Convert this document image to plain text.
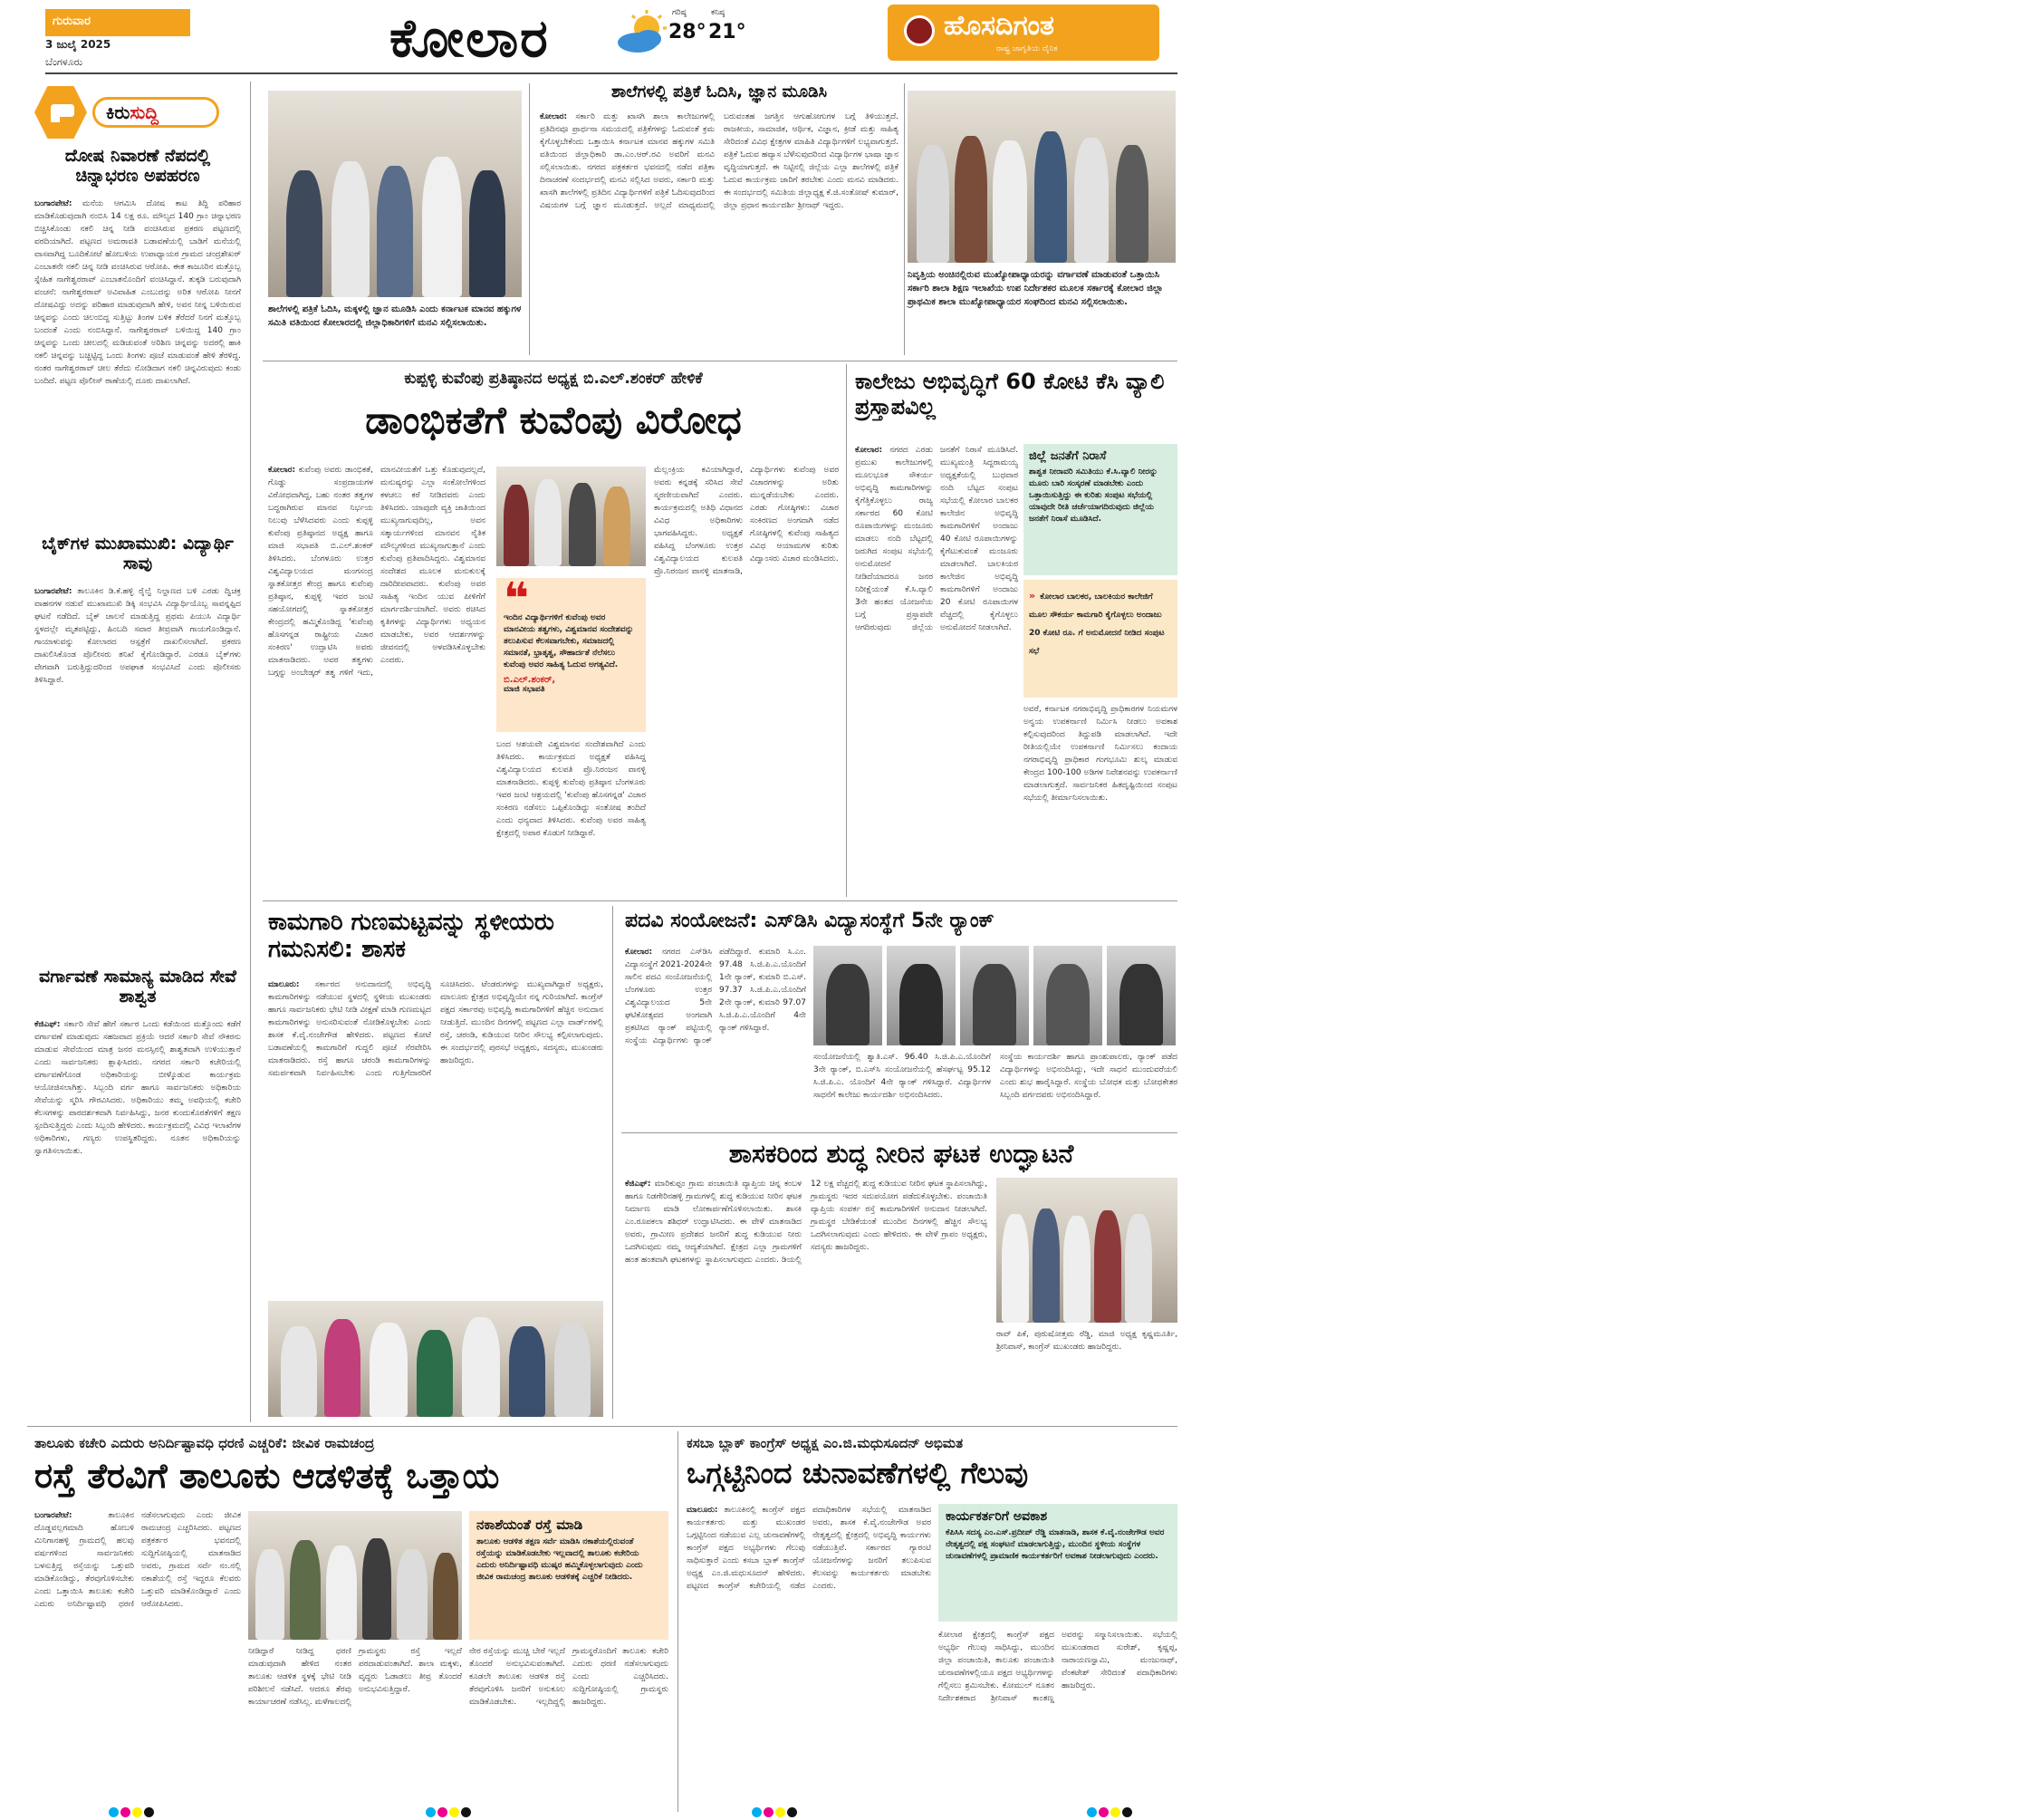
ಗುರುವಾರ
3 ಜುಲೈ 2025
ಬೆಂಗಳೂರು	ಕೋಲಾರ	ಗರಿಷ್ಠ
28°
ಕನಿಷ್ಠ
21°	ಹೊಸದಿಗಂತ
ರಾಷ್ಟ್ರ ಜಾಗೃತಿಯ ದೈನಿಕ	೦೩
ಕಿರುಸುದ್ದಿ
ದೋಷ ನಿವಾರಣೆ ನೆಪದಲ್ಲಿ ಚಿನ್ನಾಭರಣ ಅಪಹರಣ
ಬಂಗಾರಪೇಟೆ: ಮನೆಯ ಆಗಮಿಸಿ ದೋಷ ಕಾಟ ತಿದ್ದಿ ಪರಿಹಾರ ಮಾಡಿಕೊಡುವುದಾಗಿ ನಂಬಿಸಿ 14 ಲಕ್ಷ ರೂ. ಮೌಲ್ಯದ 140 ಗ್ರಾಂ ಚಿನ್ನಾಭರಣ ಬಿಚ್ಚಿಸಿಕೊಂಡು ನಕಲಿ ಚಿನ್ನ ನೀಡಿ ವಂಚಿಸಿರುವ ಪ್ರಕರಣ ಪಟ್ಟಣದಲ್ಲಿ ವರದಿಯಾಗಿದೆ. ಪಟ್ಟಣದ ಅಮರಾವತಿ ಬಡಾವಣೆಯಲ್ಲಿ ಬಾಡಿಗೆ ಮನೆಯಲ್ಲಿ ವಾಸವಾಗಿದ್ದ ಬೂದಿಕೋಟೆ ಹೋಬಳಿಯ ಉಪಾಧ್ಯಾಯರ ಗ್ರಾಮದ ಚಂದ್ರಶೇಖರ್ ಎಂಬಾತನೇ ನಕಲಿ ಚಿನ್ನ ನೀಡಿ ವಂಚಿಸಿರುವ ಆರೋಪಿ. ಈತ ಕಾಜೂರಿನ ಮತ್ತೊಬ್ಬ ಸ್ನೇಹಿತ ನಾಗೇಶ್ವರರಾವ್ ಎಂಬಾತನೊಂದಿಗೆ ವಂಚಿಸಿದ್ದಾನೆ. ತುಕ್ಕಡಿ ಬರುವುದಾಗಿ ವಂಚನೆ: ನಾಗೇಶ್ವರರಾವ್ ಅವಿವಾಹಿತ ಎಂಬುದನ್ನು ಅರಿತ ಆರೋಪಿ ನೀನಗೆ ದೋಷವಿದ್ದು ಅದನ್ನು ಪರಿಹಾರ ಮಾಡುವುದಾಗಿ ಹೇಳಿ, ಅವನ ನೀನ್ನ ಬಳಿಯಿರುವ ಚಿನ್ನವನ್ನು ಎಂದು ಚಿಲಂಬಿದ್ದ ಸುತ್ತಿಟ್ಟು ತಿಂಗಳ ಬಳಿಕ ತೆರೆದರೆ ನಿನಗೆ ಮತ್ತೊಬ್ಬ ಬಂದಂತೆ ಎಂದು ನಂಬಿಸಿದ್ದಾನೆ. ನಾಗೇಶ್ವರರಾವ್ ಬಳಿಯಿದ್ದ 140 ಗ್ರಾಂ ಚಿನ್ನವನ್ನು ಒಂದು ಚೀಲದಲ್ಲಿ ಮಡಿಚುವಂತೆ ಅರಿಶಿಣ ಚಿನ್ನವನ್ನು ಅದರಲ್ಲಿ ಹಾಕಿ ನಕಲಿ ಚಿನ್ನವನ್ನು ಬಚ್ಚಿಟ್ಟಿದ್ದ ಒಂದು ತಿಂಗಳು ಪೂಜೆ ಮಾಡುವಂತೆ ಹೇಳಿ ತೆರಳಿದ್ದ. ನಂತರ ನಾಗೇಶ್ವರರಾವ್ ಚೀಲ ತೆರೆದು ನೋಡಿದಾಗ ನಕಲಿ ಚಿನ್ನವಿರುವುದು ಕಂಡು ಬಂದಿದೆ. ಪಟ್ಟಣ ಪೊಲೀಸ್ ಠಾಣೆಯಲ್ಲಿ ದೂರು ದಾಖಲಾಗಿದೆ.
ಬೈಕ್‌ಗಳ ಮುಖಾಮುಖಿ: ವಿದ್ಯಾರ್ಥಿ ಸಾವು
ಬಂಗಾರಪೇಟೆ: ತಾಲೂಕಿನ ಡಿ.ಕೆ.ಹಳ್ಳಿ ರೈಲ್ವೆ ನಿಲ್ದಾಣದ ಬಳಿ ಎರಡು ದ್ವಿಚಕ್ರ ವಾಹನಗಳ ನಡುವೆ ಮುಖಾಮುಖಿ ಡಿಕ್ಕಿ ಸಂಭವಿಸಿ ವಿದ್ಯಾರ್ಥಿಯೊಬ್ಬ ಸಾವನ್ನಪ್ಪಿದ ಘಟನೆ ನಡೆದಿದೆ. ಬೈಕ್ ಚಾಲನೆ ಮಾಡುತ್ತಿದ್ದ ಪ್ರಥಮ ಪಿಯುಸಿ ವಿದ್ಯಾರ್ಥಿ ಸ್ಥಳದಲ್ಲೇ ಮೃತಪಟ್ಟಿದ್ದು, ಹಿಂಬದಿ ಸವಾರ ತೀವ್ರವಾಗಿ ಗಾಯಗೊಂಡಿದ್ದಾನೆ. ಗಾಯಾಳುವನ್ನು ಕೋಲಾರದ ಆಸ್ಪತ್ರೆಗೆ ದಾಖಲಿಸಲಾಗಿದೆ. ಪ್ರಕರಣ ದಾಖಲಿಸಿಕೊಂಡ ಪೊಲೀಸರು ತನಿಖೆ ಕೈಗೊಂಡಿದ್ದಾರೆ. ಎರಡೂ ಬೈಕ್‌ಗಳು ವೇಗವಾಗಿ ಬರುತ್ತಿದ್ದುದರಿಂದ ಅಪಘಾತ ಸಂಭವಿಸಿದೆ ಎಂದು ಪೊಲೀಸರು ತಿಳಿಸಿದ್ದಾರೆ.
ವರ್ಗಾವಣೆ ಸಾಮಾನ್ಯ ಮಾಡಿದ ಸೇವೆ ಶಾಶ್ವತ
ಕೆಜಿಎಫ್: ಸರ್ಕಾರಿ ಸೇವೆ ಹೇಗೆ ಸರ್ಕಾರ ಒಂದು ಕಡೆಯಿಂದ ಮತ್ತೊಂದು ಕಡೆಗೆ ವರ್ಗಾವಣೆ ಮಾಡುವುದು ಸಹಜವಾದ ಪ್ರಕ್ರಿಯೆ ಆದರೆ ಸರ್ಕಾರಿ ಸೇವೆ ನೌಕರನು ಮಾಡುವ ಸೇವೆಯಿಂದ ಮಾತ್ರ ಜನರ ಮನಸ್ಸಿನಲ್ಲಿ ಶಾಶ್ವತವಾಗಿ ಉಳಿಯುತ್ತಾನೆ ಎಂದು ಸಾರ್ವಜನಿಕರು ಶ್ಲಾಘಿಸಿದರು. ನಗರದ ಸರ್ಕಾರಿ ಕಚೇರಿಯಲ್ಲಿ ವರ್ಗಾವಣೆಗೊಂಡ ಅಧಿಕಾರಿಯನ್ನು ಬೀಳ್ಕೊಡುವ ಕಾರ್ಯಕ್ರಮ ಆಯೋಜಿಸಲಾಗಿತ್ತು. ಸಿಬ್ಬಂದಿ ವರ್ಗ ಹಾಗೂ ಸಾರ್ವಜನಿಕರು ಅಧಿಕಾರಿಯ ಸೇವೆಯನ್ನು ಸ್ಮರಿಸಿ ಗೌರವಿಸಿದರು. ಅಧಿಕಾರಿಯು ತಮ್ಮ ಅವಧಿಯಲ್ಲಿ ಕಚೇರಿ ಕೆಲಸಗಳನ್ನು ಪಾರದರ್ಶಕವಾಗಿ ನಿರ್ವಹಿಸಿದ್ದು, ಜನರ ಕುಂದುಕೊರತೆಗಳಿಗೆ ತಕ್ಷಣ ಸ್ಪಂದಿಸುತ್ತಿದ್ದರು ಎಂದು ಸಿಬ್ಬಂದಿ ಹೇಳಿದರು. ಕಾರ್ಯಕ್ರಮದಲ್ಲಿ ವಿವಿಧ ಇಲಾಖೆಗಳ ಅಧಿಕಾರಿಗಳು, ಗಣ್ಯರು ಉಪಸ್ಥಿತರಿದ್ದರು. ನೂತನ ಅಧಿಕಾರಿಯನ್ನು ಸ್ವಾಗತಿಸಲಾಯಿತು.
ಶಾಲೆಗಳಲ್ಲಿ ಪತ್ರಿಕೆ ಓದಿಸಿ, ಮಕ್ಕಳಲ್ಲಿ ಜ್ಞಾನ ಮೂಡಿಸಿ ಎಂದು ಕರ್ನಾಟಕ ಮಾನವ ಹಕ್ಕುಗಳ ಸಮಿತಿ ವತಿಯಿಂದ ಕೋಲಾರದಲ್ಲಿ ಜಿಲ್ಲಾಧಿಕಾರಿಗಳಿಗೆ ಮನವಿ ಸಲ್ಲಿಸಲಾಯಿತು.
ಶಾಲೆಗಳಲ್ಲಿ ಪತ್ರಿಕೆ ಓದಿಸಿ, ಜ್ಞಾನ ಮೂಡಿಸಿ
ಕೋಲಾರ: ಸರ್ಕಾರಿ ಮತ್ತು ಖಾಸಗಿ ಶಾಲಾ ಕಾಲೇಜುಗಳಲ್ಲಿ ಪ್ರತಿದಿನವೂ ಪ್ರಾರ್ಥನಾ ಸಮಯದಲ್ಲಿ ಪತ್ರಿಕೆಗಳನ್ನು ಓದುವಂತೆ ಕ್ರಮ ಕೈಗೊಳ್ಳಬೇಕೆಂದು ಒತ್ತಾಯಿಸಿ ಕರ್ನಾಟಕ ಮಾನವ ಹಕ್ಕುಗಳ ಸಮಿತಿ ವತಿಯಿಂದ ಜಿಲ್ಲಾಧಿಕಾರಿ ಡಾ.ಎಂ.ಆರ್.ರವಿ ಅವರಿಗೆ ಮನವಿ ಸಲ್ಲಿಸಲಾಯಿತು. ನಗರದ ಪತ್ರಕರ್ತರ ಭವನದಲ್ಲಿ ನಡೆದ ಪತ್ರಿಕಾ ದಿನಾಚರಣೆ ಸಂದರ್ಭದಲ್ಲಿ ಮನವಿ ಸಲ್ಲಿಸಿದ ಅವರು, ಸರ್ಕಾರಿ ಮತ್ತು ಖಾಸಗಿ ಶಾಲೆಗಳಲ್ಲಿ ಪ್ರತಿದಿನ ವಿದ್ಯಾರ್ಥಿಗಳಿಗೆ ಪತ್ರಿಕೆ ಓದಿಸುವುದರಿಂದ ವಿಷಯಗಳ ಬಗ್ಗೆ ಜ್ಞಾನ ಮೂಡುತ್ತದೆ. ಅಲ್ಲದೆ ಮಾಧ್ಯಮದಲ್ಲಿ ಬರುವಂತಹ ಜಗತ್ತಿನ ಆಗುಹೋಗುಗಳ ಬಗ್ಗೆ ತಿಳಿಯುತ್ತದೆ. ರಾಜಕೀಯ, ಸಾಮಾಜಿಕ, ಆರ್ಥಿಕ, ವಿಜ್ಞಾನ, ಕ್ರೀಡೆ ಮತ್ತು ಸಾಹಿತ್ಯ ಸೇರಿದಂತೆ ವಿವಿಧ ಕ್ಷೇತ್ರಗಳ ಮಾಹಿತಿ ವಿದ್ಯಾರ್ಥಿಗಳಿಗೆ ಲಭ್ಯವಾಗುತ್ತದೆ. ಪತ್ರಿಕೆ ಓದುವ ಹವ್ಯಾಸ ಬೆಳೆಸುವುದರಿಂದ ವಿದ್ಯಾರ್ಥಿಗಳ ಭಾಷಾ ಜ್ಞಾನ ವೃದ್ಧಿಯಾಗುತ್ತದೆ. ಈ ನಿಟ್ಟಿನಲ್ಲಿ ಜಿಲ್ಲೆಯ ಎಲ್ಲಾ ಶಾಲೆಗಳಲ್ಲಿ ಪತ್ರಿಕೆ ಓದುವ ಕಾರ್ಯಕ್ರಮ ಜಾರಿಗೆ ತರಬೇಕು ಎಂದು ಮನವಿ ಮಾಡಿದರು. ಈ ಸಂದರ್ಭದಲ್ಲಿ ಸಮಿತಿಯ ಜಿಲ್ಲಾಧ್ಯಕ್ಷ ಕೆ.ಜಿ.ಸಂತೋಷ್ ಕುಮಾರ್, ಜಿಲ್ಲಾ ಪ್ರಧಾನ ಕಾರ್ಯದರ್ಶಿ ಶ್ರೀನಾಥ್ ಇದ್ದರು.
ನಿವೃತ್ತಿಯ ಅಂಚಿನಲ್ಲಿರುವ ಮುಖ್ಯೋಪಾಧ್ಯಾಯರನ್ನು ವರ್ಗಾವಣೆ ಮಾಡುವಂತೆ ಒತ್ತಾಯಿಸಿ ಸರ್ಕಾರಿ ಶಾಲಾ ಶಿಕ್ಷಣ ಇಲಾಖೆಯ ಉಪ ನಿರ್ದೇಶಕರ ಮೂಲಕ ಸರ್ಕಾರಕ್ಕೆ ಕೋಲಾರ ಜಿಲ್ಲಾ ಪ್ರಾಥಮಿಕ ಶಾಲಾ ಮುಖ್ಯೋಪಾಧ್ಯಾಯರ ಸಂಘದಿಂದ ಮನವಿ ಸಲ್ಲಿಸಲಾಯಿತು.
ಕುಪ್ಪಳ್ಳಿ ಕುವೆಂಪು ಪ್ರತಿಷ್ಠಾನದ ಅಧ್ಯಕ್ಷ ಬಿ.ಎಲ್.ಶಂಕರ್ ಹೇಳಿಕೆ
ಡಾಂಭಿಕತೆಗೆ ಕುವೆಂಪು ವಿರೋಧ
ಕೋಲಾರ: ಕುವೆಂಪು ಅವರು ಡಾಂಭಿಕತೆ, ಗೊಡ್ಡು ಸಂಪ್ರದಾಯಗಳ ವಿರೋಧವಾಗಿದ್ದ, ಬಹು ನಂತರ ತತ್ವಗಳ ಬದ್ಧರಾಗಿರುವ ಮಾನವ ನಿರ್ಭಯ ನಿಲುವು ಬೆಳೆಸಿದವರು ಎಂದು ಕುಪ್ಪಳ್ಳಿ ಕುವೆಂಪು ಪ್ರತಿಷ್ಠಾನದ ಅಧ್ಯಕ್ಷ ಹಾಗೂ ಮಾಜಿ ಸಭಾಪತಿ ಬಿ.ಎಲ್.ಶಂಕರ್ ತಿಳಿಸಿದರು. ಬೆಂಗಳೂರು ಉತ್ತರ ವಿಶ್ವವಿದ್ಯಾಲಯದ ಮಂಗಸಂದ್ರ ಸ್ನಾತಕೋತ್ತರ ಕೇಂದ್ರ ಹಾಗೂ ಕುವೆಂಪು ಪ್ರತಿಷ್ಠಾನ, ಕುಪ್ಪಳ್ಳಿ ಇವರ ಜಂಟಿ ಸಹಯೋಗದಲ್ಲಿ ಸ್ನಾತಕೋತ್ತರ ಕೇಂದ್ರದಲ್ಲಿ ಹಮ್ಮಿಕೊಂಡಿದ್ದ 'ಕುವೆಂಪು ಹೊಸಗನ್ನಡ ರಾಷ್ಟ್ರೀಯ ವಿಚಾರ ಸಂಕಿರಣ' ಉದ್ಘಾಟಿಸಿ ಅವರು ಮಾತನಾಡಿದರು. ಅವರ ತತ್ವಗಳು ಬಗ್ಗನ್ನು ಅಂಬೇಡ್ಕರ್ ತತ್ವ ಗಳಿಗೆ ಇದು, ಮಾನವೀಯತೆಗೆ ಒತ್ತು ಕೊಡುವುದಲ್ಲದೆ, ಮನುಷ್ಯರನ್ನು ಎಲ್ಲಾ ಸಂಕೋಲೆಗಳಿಂದ ಕಳಚಲು ಕರೆ ನೀಡಿದವರು ಎಂದು ತಿಳಿಸಿದರು. ಯಾವುದೇ ವ್ಯಕ್ತಿ ಜಾತಿಯಿಂದ ಮುಖ್ಯನಾಗುವುದಿಲ್ಲ, ಅವನ ಸತ್ಕಾರ್ಯಗಳಿಂದ ಮಾನವನ ನೈತಿಕ ಮೌಲ್ಯಗಳಿಂದ ಮುಖ್ಯನಾಗುತ್ತಾನೆ ಎಂದು ಕುವೆಂಪು ಪ್ರತಿಪಾದಿಸಿದ್ದರು. ವಿಶ್ವಮಾನವ ಸಂದೇಶದ ಮೂಲಕ ಮನುಕುಲಕ್ಕೆ ದಾರಿದೀಪವಾದರು. ಕುವೆಂಪು ಅವರ ಸಾಹಿತ್ಯ ಇಂದಿನ ಯುವ ಪೀಳಿಗೆಗೆ ಮಾರ್ಗದರ್ಶಿಯಾಗಿದೆ. ಅವರು ರಚಿಸಿದ ಕೃತಿಗಳನ್ನು ವಿದ್ಯಾರ್ಥಿಗಳು ಅಧ್ಯಯನ ಮಾಡಬೇಕು, ಅವರ ಆದರ್ಶಗಳನ್ನು ಜೀವನದಲ್ಲಿ ಅಳವಡಿಸಿಕೊಳ್ಳಬೇಕು ಎಂದರು.
❝
ಇಂದಿನ ವಿದ್ಯಾರ್ಥಿಗಳಿಗೆ ಕುವೆಂಪು ಅವರ ಮಾನವೀಯ ತತ್ವಗಳು, ವಿಶ್ವಮಾನವ ಸಂದೇಶವನ್ನು ತಲುಪಿಸುವ ಕೆಲಸವಾಗಬೇಕು, ಸಮಾಜದಲ್ಲಿ ಸಮಾನತೆ, ಭ್ರಾತೃತ್ವ, ಸೌಹಾರ್ದತೆ ನೆಲೆಸಲು ಕುವೆಂಪು ಅವರ ಸಾಹಿತ್ಯ ಓದುವ ಅಗತ್ಯವಿದೆ.
ಬಿ.ಎಲ್.ಶಂಕರ್,
ಮಾಜಿ ಸಭಾಪತಿ
ಬಂದ ಆಶಯವೇ ವಿಶ್ವಮಾನವ ಸಂದೇಶವಾಗಿದೆ ಎಂದು ತಿಳಿಸಿದರು. ಕಾರ್ಯಕ್ರಮದ ಅಧ್ಯಕ್ಷತೆ ವಹಿಸಿದ್ದ ವಿಶ್ವವಿದ್ಯಾಲಯದ ಕುಲಪತಿ ಪ್ರೊ.ನಿರಂಜನ ವಾನಳ್ಳಿ ಮಾತನಾಡಿದರು. ಕುಪ್ಪಳ್ಳಿ ಕುವೆಂಪು ಪ್ರತಿಷ್ಠಾನ ಬೆಂಗಳೂರು ಇವರ ಜಂಟಿ ಆಶ್ರಯದಲ್ಲಿ 'ಕುವೆಂಪು ಹೊಸಗನ್ನಡ' ವಿಚಾರ ಸಂಕಿರಣ ನಡೆಸಲು ಒಪ್ಪಿಕೊಂಡಿದ್ದು ಸಂತೋಷ ತಂದಿದೆ ಎಂದು ಧನ್ಯವಾದ ತಿಳಿಸಿದರು. ಕುವೆಂಪು ಅವರ ಸಾಹಿತ್ಯ ಕ್ಷೇತ್ರದಲ್ಲಿ ಅಪಾರ ಕೊಡುಗೆ ನೀಡಿದ್ದಾರೆ.
ಮೆಲ್ಲಂಕ್ರಿಯ ಕವಿಯಾಗಿದ್ದಾರೆ, ಅವರು ಕನ್ನಡಕ್ಕೆ ಸರಿಸಿದ ಸೇವೆ ಸ್ಮರಣೀಯವಾಗಿದೆ ಎಂದರು. ಕಾರ್ಯಕ್ರಮದಲ್ಲಿ ಅತಿಥಿ ವಿಧಾನದ ವಿವಿಧ ಅಧಿಕಾರಿಗಳು ಭಾಗವಹಿಸಿದ್ದರು. ಅಧ್ಯಕ್ಷತೆ ವಹಿಸಿದ್ದ ಬೆಂಗಳೂರು ಉತ್ತರ ವಿಶ್ವವಿದ್ಯಾಲಯದ ಕುಲಪತಿ ಪ್ರೊ.ನಿರಂಜನ ವಾನಳ್ಳಿ ಮಾತನಾಡಿ, ವಿದ್ಯಾರ್ಥಿಗಳು ಕುವೆಂಪು ಅವರ ವಿಚಾರಗಳನ್ನು ಅರಿತು ಮುನ್ನಡೆಯಬೇಕು ಎಂದರು. ಎರಡು ಗೋಷ್ಠಿಗಳು: ವಿಚಾರ ಸಂಕಿರಣದ ಅಂಗವಾಗಿ ನಡೆದ ಗೋಷ್ಠಿಗಳಲ್ಲಿ ಕುವೆಂಪು ಸಾಹಿತ್ಯದ ವಿವಿಧ ಆಯಾಮಗಳ ಕುರಿತು ವಿದ್ವಾಂಸರು ವಿಚಾರ ಮಂಡಿಸಿದರು.
ಕಾಲೇಜು ಅಭಿವೃದ್ಧಿಗೆ 60 ಕೋಟಿ ಕೆಸಿ ವ್ಯಾಲಿ ಪ್ರಸ್ತಾಪವಿಲ್ಲ
ಕೋಲಾರ: ನಗರದ ಎರಡು ಪ್ರಮುಖ ಕಾಲೇಜುಗಳಲ್ಲಿ ಮೂಲಭೂತ ಸೌಕರ್ಯ ಅಭಿವೃದ್ಧಿ ಕಾಮಗಾರಿಗಳನ್ನು ಕೈಗೆತ್ತಿಕೊಳ್ಳಲು ರಾಜ್ಯ ಸರ್ಕಾರದ 60 ಕೋಟಿ ರೂಪಾಯಿಗಳನ್ನು ಮಂಜೂರು ಮಾಡಲು ನಂದಿ ಬೆಟ್ಟದಲ್ಲಿ ಜರುಗಿದ ಸಂಪುಟ ಸಭೆಯಲ್ಲಿ ಅನುಮೋದನೆ ನೀಡಿದೆಯಾದರೂ ಜನರ ನಿರೀಕ್ಷೆಯಂತೆ ಕೆ.ಸಿ.ವ್ಯಾಲಿ 3ನೇ ಹಂತದ ಯೋಜನೆಯ ಬಗ್ಗೆ ಪ್ರಸ್ತಾಪವೇ ಆಗದಿರುವುದು ಜಿಲ್ಲೆಯ ಜನತೆಗೆ ನಿರಾಸೆ ಮೂಡಿಸಿದೆ. ಮುಖ್ಯಮಂತ್ರಿ ಸಿದ್ದರಾಮಯ್ಯ ಅಧ್ಯಕ್ಷತೆಯಲ್ಲಿ ಬುಧವಾರ ನಂದಿ ಬೆಟ್ಟದ ಸಂಪುಟ ಸಭೆಯಲ್ಲಿ ಕೋಲಾರ ಬಾಲಕರ ಕಾಲೇಜಿನ ಅಭಿವೃದ್ಧಿ ಕಾಮಗಾರಿಗಳಿಗೆ ಅಂದಾಜು 40 ಕೋಟಿ ರೂಪಾಯಿಗಳನ್ನು ಕೈಗೆಟುಕುವಂತೆ ಮಂಜೂರು ಮಾಡಲಾಗಿದೆ. ಬಾಲಕಿಯರ ಕಾಲೇಜಿನ ಅಭಿವೃದ್ಧಿ ಕಾಮಗಾರಿಗಳಿಗೆ ಅಂದಾಜು 20 ಕೋಟಿ ರೂಪಾಯಿಗಳ ವೆಚ್ಚದಲ್ಲಿ ಕೈಗೊಳ್ಳಲು ಅನುಮೋದನೆ ನೀಡಲಾಗಿದೆ.
ಜಿಲ್ಲೆ ಜನತೆಗೆ ನಿರಾಸೆ
ಶಾಶ್ವತ ನೀರಾವರಿ ಸಮಿತಿಯು ಕೆ.ಸಿ.ವ್ಯಾಲಿ ನೀರನ್ನು ಮೂರು ಬಾರಿ ಸಂಸ್ಕರಣೆ ಮಾಡಬೇಕು ಎಂದು ಒತ್ತಾಯಿಸುತ್ತಿದ್ದು ಈ ಕುರಿತು ಸಂಪುಟ ಸಭೆಯಲ್ಲಿ ಯಾವುದೇ ರೀತಿ ಚರ್ಚೆಯಾಗದಿರುವುದು ಜಿಲ್ಲೆಯ ಜನತೆಗೆ ನಿರಾಸೆ ಮೂಡಿಸಿದೆ.
» ಕೋಲಾರ ಬಾಲಕರ, ಬಾಲಕಿಯರ ಕಾಲೇಜಿಗೆ ಮೂಲ ಸೌಕರ್ಯ ಕಾಮಗಾರಿ ಕೈಗೊಳ್ಳಲು ಅಂದಾಜು 20 ಕೋಟಿ ರೂ. ಗೆ ಅನುಮೋದನೆ ನೀಡಿದ ಸಂಪುಟ ಸಭೆ
ಅವರೆ, ಕರ್ನಾಟಕ ನಗರಾಭಿವೃದ್ಧಿ ಪ್ರಾಧಿಕಾರಗಳ ನಿಯಮಗಳ ಅನ್ವಯ ಉಪಕರ್ನಾಣಿ ನಿರ್ಮಿಸಿ ನೀಡಲು ಅವಕಾಶ ಕಲ್ಪಿಸುವುದರಿಂದ ತಿದ್ದುಪಡಿ ಮಾಡಲಾಗಿದೆ. ಇದೇ ರೀತಿಯಲ್ಲಿಯೇ ಉಪಕರ್ನಾಣಿ ನಿರ್ಮಿಸಲು ಕಂದಾಯ ನಗರಾಭಿವೃದ್ಧಿ ಪ್ರಾಧಿಕಾರ ಗಂಗಭೂಮಿ ಶುಲ್ಕ ಮಾಡುವ ಕೇಂದ್ರದ 100-100 ಅಡಿಗಳ ನಿವೇಶನವನ್ನು ಉಪಕರ್ನಾಣಿ ಮಾಡಲಾಗುತ್ತದೆ. ಸಾರ್ವಜನಿಕರ ಹಿತದೃಷ್ಟಿಯಿಂದ ಸಂಪುಟ ಸಭೆಯಲ್ಲಿ ತೀರ್ಮಾನಿಸಲಾಯಿತು.
ಕಾಮಗಾರಿ ಗುಣಮಟ್ಟವನ್ನು ಸ್ಥಳೀಯರು ಗಮನಿಸಲಿ: ಶಾಸಕ
ಮಾಲೂರು: ಸರ್ಕಾರದ ಅನುದಾನದಲ್ಲಿ ಅಭಿವೃದ್ಧಿ ಕಾಮಗಾರಿಗಳನ್ನು ನಡೆಯುವ ಸ್ಥಳದಲ್ಲಿ ಸ್ಥಳೀಯ ಮುಖಂಡರು ಹಾಗೂ ಸಾರ್ವಜನಿಕರು ಭೇಟಿ ನೀಡಿ ವೀಕ್ಷಣೆ ಮಾಡಿ ಗುಣಮಟ್ಟದ ಕಾಮಗಾರಿಗಳನ್ನು ಅನುಸರಿಸುವಂತೆ ನೋಡಿಕೊಳ್ಳಬೇಕು ಎಂದು ಶಾಸಕ ಕೆ.ವೈ.ನಂಜೇಗೌಡ ಹೇಳಿದರು. ಪಟ್ಟಣದ ಕೋಟೆ ಬಡಾವಣೆಯಲ್ಲಿ ಕಾಮಗಾರಿಗೆ ಗುದ್ದಲಿ ಪೂಜೆ ನೆರವೇರಿಸಿ ಮಾತನಾಡಿದರು. ರಸ್ತೆ ಹಾಗೂ ಚರಂಡಿ ಕಾಮಗಾರಿಗಳನ್ನು ಸಮರ್ಪಕವಾಗಿ ನಿರ್ವಹಿಸಬೇಕು ಎಂದು ಗುತ್ತಿಗೆದಾರರಿಗೆ ಸೂಚಿಸಿದರು. ಟೆಂಡರುಗಳನ್ನು ಮುಖ್ಯವಾಗಿದ್ದಾರೆ ಅಧ್ಯಕ್ಷರು, ಮಾಲೂರು ಕ್ಷೇತ್ರದ ಅಭಿವೃದ್ಧಿಯೇ ನನ್ನ ಗುರಿಯಾಗಿದೆ. ಕಾಂಗ್ರೆಸ್ ಪಕ್ಷದ ಸರ್ಕಾರವು ಅಭಿವೃದ್ಧಿ ಕಾಮಗಾರಿಗಳಿಗೆ ಹೆಚ್ಚಿನ ಅನುದಾನ ನೀಡುತ್ತಿದೆ. ಮುಂದಿನ ದಿನಗಳಲ್ಲಿ ಪಟ್ಟಣದ ಎಲ್ಲಾ ವಾರ್ಡ್‌ಗಳಲ್ಲಿ ರಸ್ತೆ, ಚರಂಡಿ, ಕುಡಿಯುವ ನೀರಿನ ಸೌಲಭ್ಯ ಕಲ್ಪಿಸಲಾಗುವುದು. ಈ ಸಂದರ್ಭದಲ್ಲಿ ಪುರಸಭೆ ಅಧ್ಯಕ್ಷರು, ಸದಸ್ಯರು, ಮುಖಂಡರು ಹಾಜರಿದ್ದರು.
ಪದವಿ ಸಂಯೋಜನೆ: ಎಸ್‌ಡಿಸಿ ವಿದ್ಯಾಸಂಸ್ಥೆಗೆ 5ನೇ ರ್‍ಯಾಂಕ್
ಕೋಲಾರ: ನಗರದ ಎಸ್‌ಡಿಸಿ ವಿದ್ಯಾಸಂಸ್ಥೆಗೆ 2021-2024ನೇ ಸಾಲಿನ ಪದವಿ ಸಂಯೋಜನೆಯಲ್ಲಿ ಬೆಂಗಳೂರು ಉತ್ತರ ವಿಶ್ವವಿದ್ಯಾಲಯದ 5ನೇ ಘಟಿಕೋತ್ಸವದ ಅಂಗವಾಗಿ ಪ್ರಕಟಿಸಿದ ರ್‍ಯಾಂಕ್ ಪಟ್ಟಿಯಲ್ಲಿ ಸಂಸ್ಥೆಯ ವಿದ್ಯಾರ್ಥಿಗಳು ರ್‍ಯಾಂಕ್ ಪಡೆದಿದ್ದಾರೆ. ಕುಮಾರಿ ಸಿ.ಎಂ. 97.48 ಸಿ.ಜಿ.ಪಿ.ಎ.ಯೊಂದಿಗೆ 1ನೇ ರ್‍ಯಾಂಕ್, ಕುಮಾರಿ ಬಿ.ಎಸ್. 97.37 ಸಿ.ಜಿ.ಪಿ.ಎ.ಯೊಂದಿಗೆ 2ನೇ ರ್‍ಯಾಂಕ್, ಕುಮಾರಿ 97.07 ಸಿ.ಜಿ.ಪಿ.ಎ.ಯೊಂದಿಗೆ 4ನೇ ರ್‍ಯಾಂಕ್ ಗಳಿಸಿದ್ದಾರೆ.
ಸಂಯೋಜನೆಯಲ್ಲಿ ಶ್ವಾತಿ.ಎಸ್. 96.40 ಸಿ.ಜಿ.ಪಿ.ಎ.ಯೊಂದಿಗೆ 3ನೇ ರ್‍ಯಾಂಕ್, ಬಿ.ಎಸ್‌ಸಿ ಸಂಯೋಜನೆಯಲ್ಲಿ ಹೆಸರ್ಘಟ್ಟ 95.12 ಸಿ.ಜಿ.ಪಿ.ಎ. ಯೊಂದಿಗೆ 4ನೇ ರ್‍ಯಾಂಕ್ ಗಳಿಸಿದ್ದಾರೆ. ವಿದ್ಯಾರ್ಥಿಗಳ ಸಾಧನೆಗೆ ಕಾಲೇಜು ಕಾರ್ಯದರ್ಶಿ ಅಭಿನಂದಿಸಿದರು.
ಸಂಸ್ಥೆಯ ಕಾರ್ಯದರ್ಶಿ ಹಾಗೂ ಪ್ರಾಂಶುಪಾಲರು, ರ್‍ಯಾಂಕ್ ಪಡೆದ ವಿದ್ಯಾರ್ಥಿಗಳನ್ನು ಅಭಿನಂದಿಸಿದ್ದು, ಇದೇ ಸಾಧನೆ ಮುಂದುವರೆಯಲಿ ಎಂದು ಶುಭ ಹಾರೈಸಿದ್ದಾರೆ. ಸಂಸ್ಥೆಯ ಬೋಧಕ ಮತ್ತು ಬೋಧಕೇತರ ಸಿಬ್ಬಂದಿ ವರ್ಗದವರು ಅಭಿನಂದಿಸಿದ್ದಾರೆ.
ಶಾಸಕರಿಂದ ಶುದ್ಧ ನೀರಿನ ಘಟಕ ಉದ್ಘಾಟನೆ
ಕೆಜಿಎಫ್: ಮಾರಿಕುಪ್ಪಂ ಗ್ರಾಮ ಪಂಚಾಯಿತಿ ವ್ಯಾಪ್ತಿಯ ಚಿನ್ನ ಕಂಬಳ ಹಾಗೂ ನಿಡಗೇರಿನಹಳ್ಳಿ ಗ್ರಾಮಗಳಲ್ಲಿ ಶುದ್ಧ ಕುಡಿಯುವ ನೀರಿನ ಘಟಕ ನಿರ್ಮಾಣ ಮಾಡಿ ಲೋಕಾರ್ಪಣೆಗೊಳಿಸಲಾಯಿತು. ಶಾಸಕಿ ಎಂ.ರೂಪಕಲಾ ಶಶಿಧರ್ ಉದ್ಘಾಟಿಸಿದರು. ಈ ವೇಳೆ ಮಾತನಾಡಿದ ಅವರು, ಗ್ರಾಮೀಣ ಪ್ರದೇಶದ ಜನರಿಗೆ ಶುದ್ಧ ಕುಡಿಯುವ ನೀರು ಒದಗಿಸುವುದು ನಮ್ಮ ಆದ್ಯತೆಯಾಗಿದೆ. ಕ್ಷೇತ್ರದ ಎಲ್ಲಾ ಗ್ರಾಮಗಳಿಗೆ ಹಂತ ಹಂತವಾಗಿ ಘಟಕಗಳನ್ನು ಸ್ಥಾಪಿಸಲಾಗುವುದು ಎಂದರು. ಡಿಯಲ್ಲಿ 12 ಲಕ್ಷ ವೆಚ್ಚದಲ್ಲಿ ಶುದ್ಧ ಕುಡಿಯುವ ನೀರಿನ ಘಟಕ ಸ್ಥಾಪಿಸಲಾಗಿದ್ದು, ಗ್ರಾಮಸ್ಥರು ಇದರ ಸದುಪಯೋಗ ಪಡೆದುಕೊಳ್ಳಬೇಕು. ಪಂಚಾಯಿತಿ ವ್ಯಾಪ್ತಿಯ ಸಂಪರ್ಕ ರಸ್ತೆ ಕಾಮಗಾರಿಗಳಿಗೆ ಅನುದಾನ ನೀಡಲಾಗಿದೆ. ಗ್ರಾಮಸ್ಥರ ಬೇಡಿಕೆಯಂತೆ ಮುಂದಿನ ದಿನಗಳಲ್ಲಿ ಹೆಚ್ಚಿನ ಸೌಲಭ್ಯ ಒದಗಿಸಲಾಗುವುದು ಎಂದು ಹೇಳಿದರು. ಈ ವೇಳೆ ಗ್ರಾಪಂ ಅಧ್ಯಕ್ಷರು, ಸದಸ್ಯರು ಹಾಜರಿದ್ದರು.
ರಾವ್ ಪಿಕೆ, ಪುರುಷೋತ್ತಮ ರೆಡ್ಡಿ, ಮಾಜಿ ಅಧ್ಯಕ್ಷ ಕೃಷ್ಣಮೂರ್ತಿ, ಶ್ರೀನಿವಾಸ್, ಕಾಂಗ್ರೆಸ್ ಮುಖಂಡರು ಹಾಜರಿದ್ದರು.
ತಾಲೂಕು ಕಚೇರಿ ಎದುರು ಅನಿರ್ದಿಷ್ಟಾವಧಿ ಧರಣಿ ಎಚ್ಚರಿಕೆ: ಜೀವಿಕ ರಾಮಚಂದ್ರ
ರಸ್ತೆ ತೆರವಿಗೆ ತಾಲೂಕು ಆಡಳಿತಕ್ಕೆ ಒತ್ತಾಯ
ಬಂಗಾರಪೇಟೆ:	ತಾಲೂಕಿನ ದೊಡ್ಡವಲ್ಲಗಮಾದಿ ಹೋಬಳಿ ಮಿನಿಗಾನಹಳ್ಳಿ ಗ್ರಾಮದಲ್ಲಿ ಹಲವು ವರ್ಷಗಳಿಂದ ಸಾರ್ವಜನಿಕರು ಬಳಸುತ್ತಿದ್ದ ರಸ್ತೆಯನ್ನು ಒತ್ತುವರಿ ಮಾಡಿಕೊಂಡಿದ್ದು, ತೆರವುಗೊಳಿಸಬೇಕು ಎಂದು ಒತ್ತಾಯಿಸಿ ತಾಲೂಕು ಕಚೇರಿ ಎದುರು ಅನಿರ್ದಿಷ್ಟಾವಧಿ ಧರಣಿ ನಡೆಸಲಾಗುವುದು ಎಂದು ಜೀವಿಕ ರಾಮಚಂದ್ರ ಎಚ್ಚರಿಸಿದರು. ಪಟ್ಟಣದ ಪತ್ರಕರ್ತರ ಭವನದಲ್ಲಿ ಸುದ್ದಿಗೋಷ್ಠಿಯಲ್ಲಿ ಮಾತನಾಡಿದ ಅವರು, ಗ್ರಾಮದ ಸರ್ವೆ ನಂ.ನಲ್ಲಿ ನಕಾಶೆಯಲ್ಲಿ ರಸ್ತೆ ಇದ್ದರೂ ಕೆಲವರು ಒತ್ತುವರಿ ಮಾಡಿಕೊಂಡಿದ್ದಾರೆ ಎಂದು ಆರೋಪಿಸಿದರು.
ನೀಡಿದ್ದಾರೆ ನೀಡಿದ್ದ ಧರಣಿ ಮಾಡುವುದಾಗಿ ಹೇಳಿದ ನಂತರ ತಾಲೂಕು ಆಡಳಿತ ಸ್ಥಳಕ್ಕೆ ಭೇಟಿ ನೀಡಿ ಪರಿಶೀಲನೆ ನಡೆಸಿದೆ. ಆದರೂ ತೆರವು ಕಾರ್ಯಾಚರಣೆ ನಡೆಸಿಲ್ಲ. ಮಳೆಗಾಲದಲ್ಲಿ ಗ್ರಾಮಸ್ಥರು ರಸ್ತೆ ಇಲ್ಲದೆ ಪರದಾಡುವಂತಾಗಿದೆ. ಶಾಲಾ ಮಕ್ಕಳು, ವೃದ್ಧರು ಓಡಾಡಲು ತೀವ್ರ ತೊಂದರೆ ಅನುಭವಿಸುತ್ತಿದ್ದಾರೆ.
ನಕಾಶೆಯಂತೆ ರಸ್ತೆ ಮಾಡಿ
ತಾಲೂಕು ಆಡಳಿತ ತಕ್ಷಣ ಸರ್ವೆ ಮಾಡಿಸಿ ನಕಾಶೆಯಲ್ಲಿರುವಂತೆ ರಸ್ತೆಯನ್ನು ಮಾಡಿಕೊಡಬೇಕು ಇಲ್ಲವಾದಲ್ಲಿ ತಾಲೂಕು ಕಚೇರಿಯ ಎದುರು ಅನಿರ್ದಿಷ್ಟಾವಧಿ ಮುಷ್ಕರ ಹಮ್ಮಿಕೊಳ್ಳಲಾಗುವುದು ಎಂದು ಜೀವಿಕ ರಾಮಚಂದ್ರ ತಾಲೂಕು ಆಡಳಿತಕ್ಕೆ ಎಚ್ಚರಿಕೆ ನೀಡಿದರು.
ನೇರ ರಸ್ತೆಯನ್ನು ಮುಚ್ಚಿ ಬೇರೆ ಇಲ್ಲದೆ ತೊಂದರೆ ಅನುಭವಿಸುವಂತಾಗಿದೆ. ಕೂಡಲೇ ತಾಲೂಕು ಆಡಳಿತ ರಸ್ತೆ ತೆರವುಗೊಳಿಸಿ ಜನರಿಗೆ ಅನುಕೂಲ ಮಾಡಿಕೊಡಬೇಕು. ಇಲ್ಲದಿದ್ದಲ್ಲಿ ಗ್ರಾಮಸ್ಥರೊಂದಿಗೆ ತಾಲೂಕು ಕಚೇರಿ ಎದುರು ಧರಣಿ ನಡೆಸಲಾಗುವುದು ಎಂದು ಎಚ್ಚರಿಸಿದರು. ಸುದ್ದಿಗೋಷ್ಠಿಯಲ್ಲಿ ಗ್ರಾಮಸ್ಥರು ಹಾಜರಿದ್ದರು.
ಕಸಬಾ ಬ್ಲಾಕ್ ಕಾಂಗ್ರೆಸ್ ಅಧ್ಯಕ್ಷ ಎಂ.ಜಿ.ಮಧುಸೂದನ್ ಅಭಿಮತ
ಒಗ್ಗಟ್ಟಿನಿಂದ ಚುನಾವಣೆಗಳಲ್ಲಿ ಗೆಲುವು
ಮಾಲೂರು: ತಾಲೂಕಿನಲ್ಲಿ ಕಾಂಗ್ರೆಸ್ ಪಕ್ಷದ ಕಾರ್ಯಕರ್ತರು ಮತ್ತು ಮುಖಂಡರ ಒಗ್ಗಟ್ಟಿನಿಂದ ನಡೆಯುವ ಎಲ್ಲ ಚುನಾವಣೆಗಳಲ್ಲಿ ಕಾಂಗ್ರೆಸ್ ಪಕ್ಷದ ಅಭ್ಯರ್ಥಿಗಳು ಗೆಲುವು ಸಾಧಿಸುತ್ತಾರೆ ಎಂದು ಕಸಬಾ ಬ್ಲಾಕ್ ಕಾಂಗ್ರೆಸ್ ಅಧ್ಯಕ್ಷ ಎಂ.ಜಿ.ಮಧುಸೂದನ್ ಹೇಳಿದರು. ಪಟ್ಟಣದ ಕಾಂಗ್ರೆಸ್ ಕಚೇರಿಯಲ್ಲಿ ನಡೆದ ಪದಾಧಿಕಾರಿಗಳ ಸಭೆಯಲ್ಲಿ ಮಾತನಾಡಿದ ಅವರು, ಶಾಸಕ ಕೆ.ವೈ.ನಂಜೇಗೌಡ ಅವರ ನೇತೃತ್ವದಲ್ಲಿ ಕ್ಷೇತ್ರದಲ್ಲಿ ಅಭಿವೃದ್ಧಿ ಕಾರ್ಯಗಳು ನಡೆಯುತ್ತಿವೆ. ಸರ್ಕಾರದ ಗ್ಯಾರಂಟಿ ಯೋಜನೆಗಳನ್ನು ಜನರಿಗೆ ತಲುಪಿಸುವ ಕೆಲಸವನ್ನು ಕಾರ್ಯಕರ್ತರು ಮಾಡಬೇಕು ಎಂದರು.
ಕಾರ್ಯಕರ್ತರಿಗೆ ಅವಕಾಶ
ಕೆಪಿಸಿಸಿ ಸದಸ್ಯ ಎಂ.ಎಸ್.ಪ್ರದೀಪ್ ರೆಡ್ಡಿ ಮಾತನಾಡಿ, ಶಾಸಕ ಕೆ.ವೈ.ನಂಜೇಗೌಡ ಅವರ ನೇತೃತ್ವದಲ್ಲಿ ಪಕ್ಷ ಸಂಘಟನೆ ಮಾಡಲಾಗುತ್ತಿದ್ದು, ಮುಂದಿನ ಸ್ಥಳೀಯ ಸಂಸ್ಥೆಗಳ ಚುನಾವಣೆಗಳಲ್ಲಿ ಪ್ರಾಮಾಣಿಕ ಕಾರ್ಯಕರ್ತರಿಗೆ ಅವಕಾಶ ನೀಡಲಾಗುವುದು ಎಂದರು.
ಕೋಲಾರ ಕ್ಷೇತ್ರದಲ್ಲಿ ಕಾಂಗ್ರೆಸ್ ಪಕ್ಷದ ಅಭ್ಯರ್ಥಿ ಗೆಲುವು ಸಾಧಿಸಿದ್ದು, ಮುಂದಿನ ಜಿಲ್ಲಾ ಪಂಚಾಯಿತಿ, ತಾಲೂಕು ಪಂಚಾಯಿತಿ ಚುನಾವಣೆಗಳಲ್ಲಿಯೂ ಪಕ್ಷದ ಅಭ್ಯರ್ಥಿಗಳನ್ನು ಗೆಲ್ಲಿಸಲು ಶ್ರಮಿಸಬೇಕು. ಕೋಮುಲ್ ನೂತನ ನಿರ್ದೇಶಕರಾದ ಶ್ರೀನಿವಾಸ್ ಕಾಂತಣ್ಣ ಅವರನ್ನು ಸನ್ಮಾನಿಸಲಾಯಿತು. ಸಭೆಯಲ್ಲಿ ಮುಖಂಡರಾದ ಸುರೇಶ್, ಕೃಷ್ಣಪ್ಪ, ನಾರಾಯಣಸ್ವಾಮಿ, ಮಂಜುನಾಥ್, ವೆಂಕಟೇಶ್ ಸೇರಿದಂತೆ ಪದಾಧಿಕಾರಿಗಳು ಹಾಜರಿದ್ದರು.
